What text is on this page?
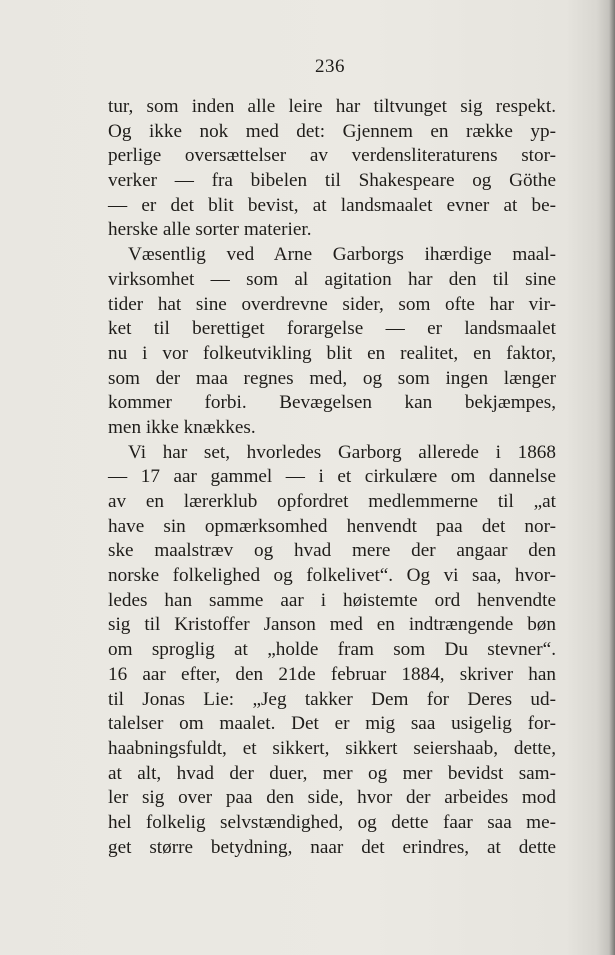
236
tur, som inden alle leire har tiltvunget sig respekt.
Og ikke nok med det: Gjennem en række yp-
perlige oversættelser av verdensliteraturens stor-
verker — fra bibelen til Shakespeare og Göthe
— er det blit bevist, at landsmaalet evner at be-
herske alle sorter materier.
Væsentlig ved Arne Garborgs ihærdige maal-
virksomhet — som al agitation har den til sine
tider hat sine overdrevne sider, som ofte har vir-
ket til berettiget forargelse — er landsmaalet
nu i vor folkeutvikling blit en realitet, en faktor,
som der maa regnes med, og som ingen længer
kommer forbi. Bevægelsen kan bekjæmpes,
men ikke knækkes.
Vi har set, hvorledes Garborg allerede i 1868
— 17 aar gammel — i et cirkulære om dannelse
av en lærerklub opfordret medlemmerne til „at
have sin opmærksomhed henvendt paa det nor-
ske maalstræv og hvad mere der angaar den
norske folkelighed og folkelivet“. Og vi saa, hvor-
ledes han samme aar i høistemte ord henvendte
sig til Kristoffer Janson med en indtrængende bøn
om sproglig at „holde fram som Du stevner“.
16 aar efter, den 21de februar 1884, skriver han
til Jonas Lie: „Jeg takker Dem for Deres ud-
talelser om maalet. Det er mig saa usigelig for-
haabningsfuldt, et sikkert, sikkert seiershaab, dette,
at alt, hvad der duer, mer og mer bevidst sam-
ler sig over paa den side, hvor der arbeides mod
hel folkelig selvstændighed, og dette faar saa me-
get større betydning, naar det erindres, at dette
